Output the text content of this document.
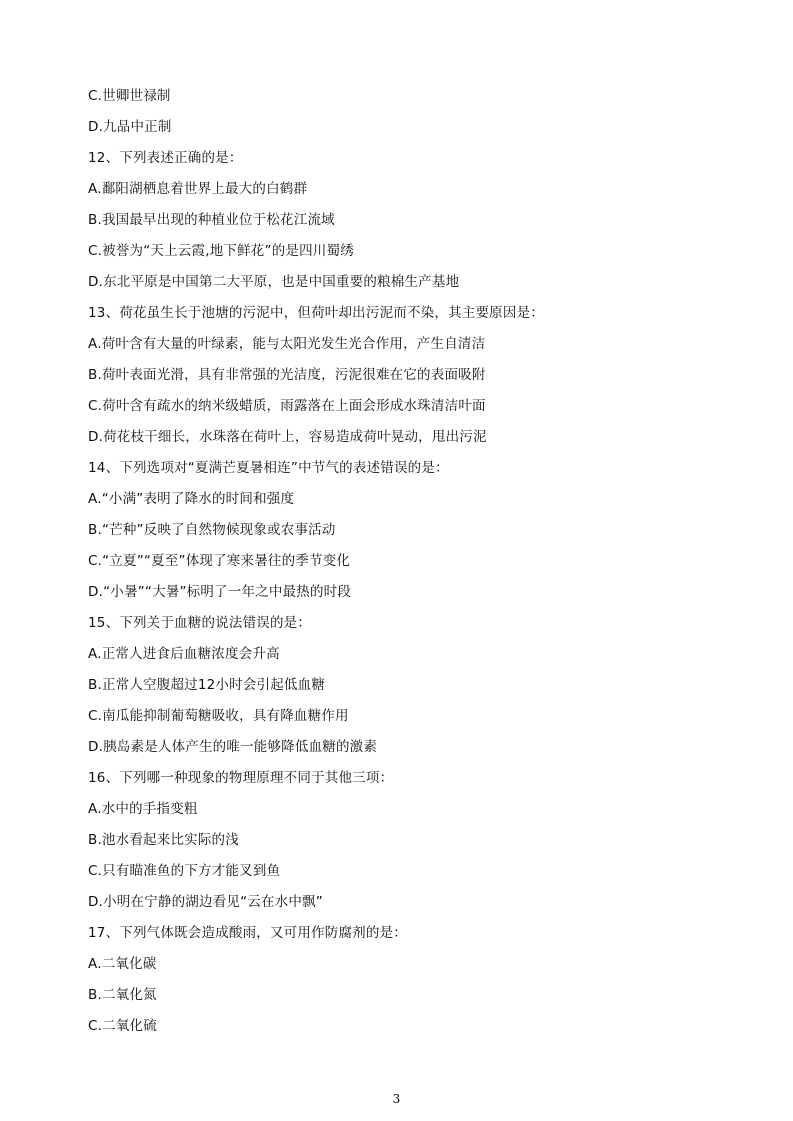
C.世卿世禄制
D.九品中正制
12、下列表述正确的是：
A.鄱阳湖栖息着世界上最大的白鹤群
B.我国最早出现的种植业位于松花江流域
C.被誉为“天上云霞,地下鲜花”的是四川蜀绣
D.东北平原是中国第二大平原，也是中国重要的粮棉生产基地
13、荷花虽生长于池塘的污泥中，但荷叶却出污泥而不染，其主要原因是：
A.荷叶含有大量的叶绿素，能与太阳光发生光合作用，产生自清洁
B.荷叶表面光滑，具有非常强的光洁度，污泥很难在它的表面吸附
C.荷叶含有疏水的纳米级蜡质，雨露落在上面会形成水珠清洁叶面
D.荷花枝干细长，水珠落在荷叶上，容易造成荷叶晃动，甩出污泥
14、下列选项对“夏满芒夏暑相连”中节气的表述错误的是：
A.“小满”表明了降水的时间和强度
B.“芒种”反映了自然物候现象或农事活动
C.“立夏”“夏至”体现了寒来暑往的季节变化
D.“小暑”“大暑”标明了一年之中最热的时段
15、下列关于血糖的说法错误的是：
A.正常人进食后血糖浓度会升高
B.正常人空腹超过12小时会引起低血糖
C.南瓜能抑制葡萄糖吸收，具有降血糖作用
D.胰岛素是人体产生的唯一能够降低血糖的激素
16、下列哪一种现象的物理原理不同于其他三项：
A.水中的手指变粗
B.池水看起来比实际的浅
C.只有瞄准鱼的下方才能叉到鱼
D.小明在宁静的湖边看见“云在水中飘”
17、下列气体既会造成酸雨，又可用作防腐剂的是：
A.二氧化碳
B.二氧化氮
C.二氧化硫
3
